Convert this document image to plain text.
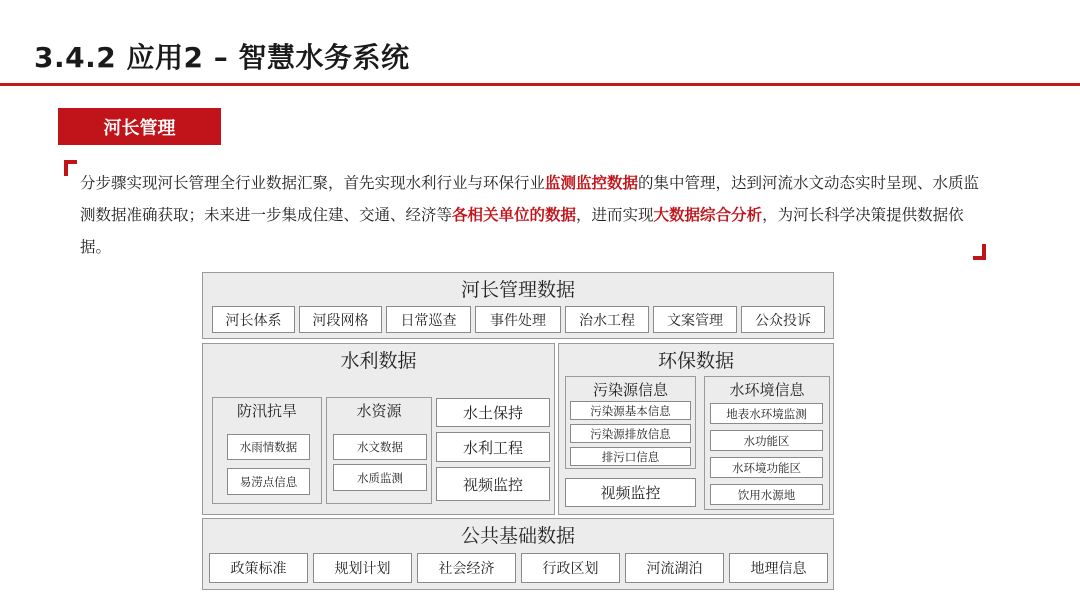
3.4.2 应用2 – 智慧水务系统
河长管理
分步骤实现河长管理全行业数据汇聚，首先实现水利行业与环保行业监测监控数据的集中管理，达到河流水文动态实时呈现、水质监测数据准确获取；未来进一步集成住建、交通、经济等各相关单位的数据，进而实现大数据综合分析，为河长科学决策提供数据依据。
河长管理数据
河长体系	河段网格	日常巡查	事件处理	治水工程	文案管理	公众投诉
水利数据
防汛抗旱
水雨情数据
易涝点信息
水资源
水文数据
水质监测
水土保持
水利工程
视频监控
环保数据
污染源信息
污染源基本信息
污染源排放信息
排污口信息
视频监控
水环境信息
地表水环境监测
水功能区
水环境功能区
饮用水源地
公共基础数据
政策标准	规划计划	社会经济	行政区划	河流湖泊	地理信息
